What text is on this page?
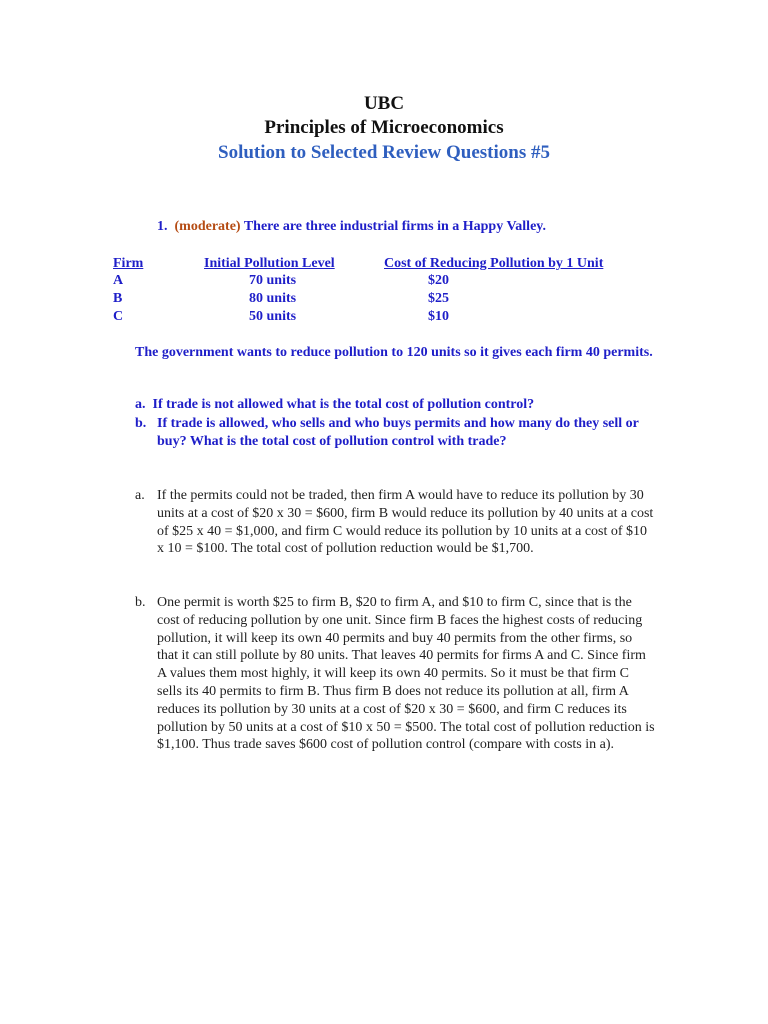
UBC
Principles of Microeconomics
Solution to Selected Review Questions #5
1. (moderate) There are three industrial firms in a Happy Valley.
Firm	Initial Pollution Level	Cost of Reducing Pollution by 1 Unit
A	70 units	$20
B	80 units	$25
C	50 units	$10
The government wants to reduce pollution to 120 units so it gives each firm 40 permits.
a. If trade is not allowed what is the total cost of pollution control?
b. If trade is allowed, who sells and who buys permits and how many do they sell or buy? What is the total cost of pollution control with trade?
a. If the permits could not be traded, then firm A would have to reduce its pollution by 30 units at a cost of $20 x 30 = $600, firm B would reduce its pollution by 40 units at a cost of $25 x 40 = $1,000, and firm C would reduce its pollution by 10 units at a cost of $10 x 10 = $100. The total cost of pollution reduction would be $1,700.
b. One permit is worth $25 to firm B, $20 to firm A, and $10 to firm C, since that is the cost of reducing pollution by one unit. Since firm B faces the highest costs of reducing pollution, it will keep its own 40 permits and buy 40 permits from the other firms, so that it can still pollute by 80 units. That leaves 40 permits for firms A and C. Since firm A values them most highly, it will keep its own 40 permits. So it must be that firm C sells its 40 permits to firm B. Thus firm B does not reduce its pollution at all, firm A reduces its pollution by 30 units at a cost of $20 x 30 = $600, and firm C reduces its pollution by 50 units at a cost of $10 x 50 = $500. The total cost of pollution reduction is $1,100. Thus trade saves $600 cost of pollution control (compare with costs in a).
